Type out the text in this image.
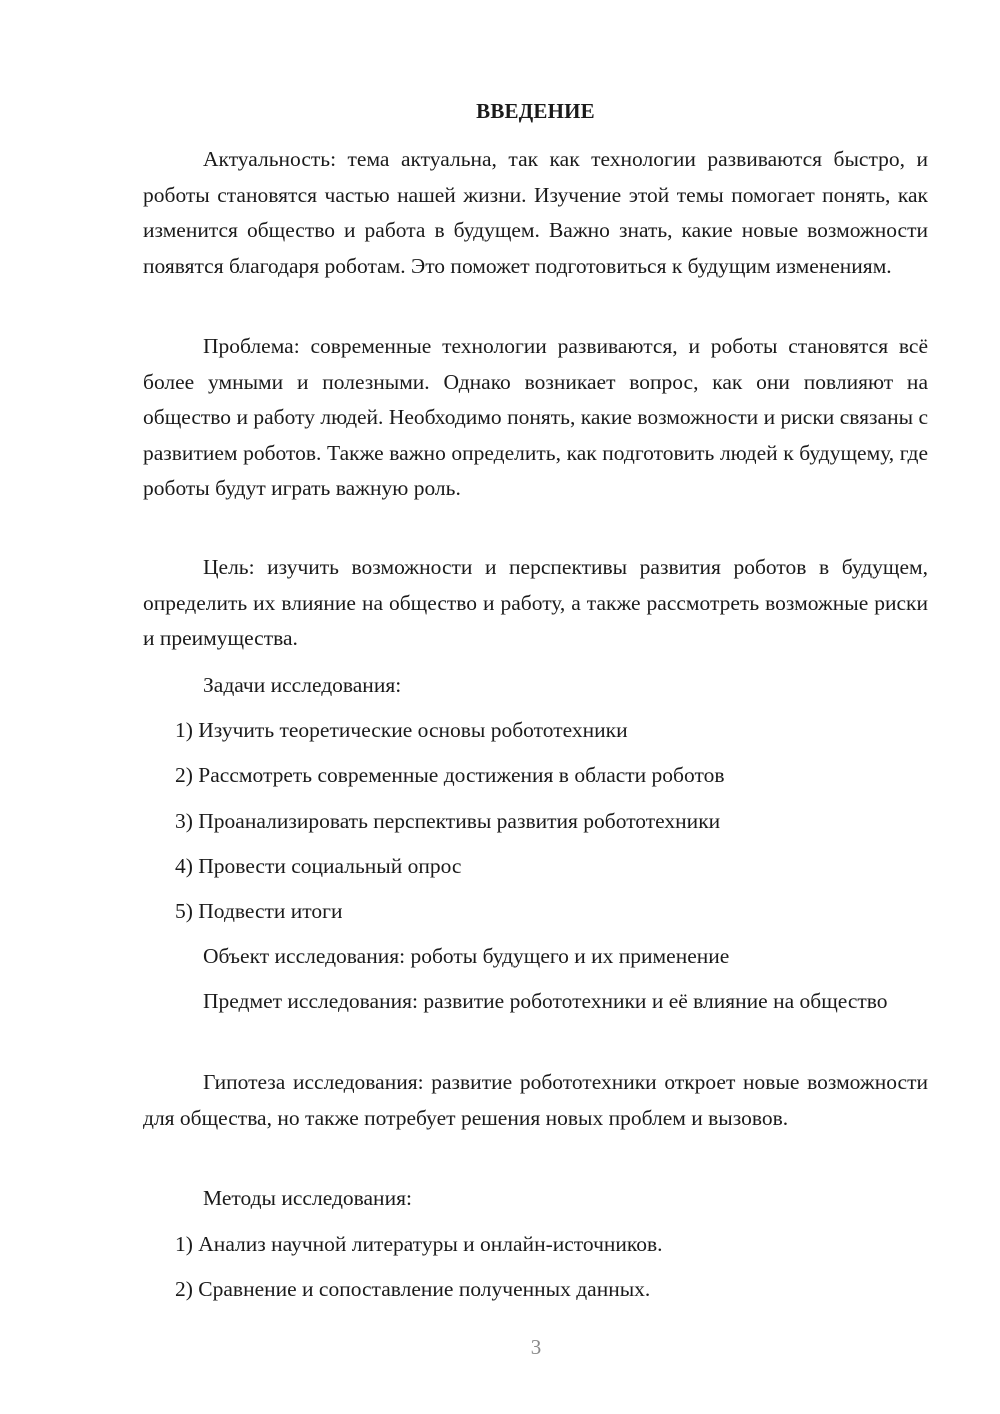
ВВЕДЕНИЕ

Актуальность: тема актуальна, так как технологии развиваются быстро, и роботы становятся частью нашей жизни. Изучение этой темы помогает понять, как изменится общество и работа в будущем. Важно знать, какие новые возможности появятся благодаря роботам. Это поможет подготовиться к будущим изменениям.

Проблема: современные технологии развиваются, и роботы становятся всё более умными и полезными. Однако возникает вопрос, как они повлияют на общество и работу людей. Необходимо понять, какие возможности и риски связаны с развитием роботов. Также важно определить, как подготовить людей к будущему, где роботы будут играть важную роль.

Цель: изучить возможности и перспективы развития роботов в будущем, определить их влияние на общество и работу, а также рассмотреть возможные риски и преимущества.

Задачи исследования:

1) Изучить теоретические основы робототехники

2) Рассмотреть современные достижения в области роботов

3) Проанализировать перспективы развития робототехники

4) Провести социальный опрос

5) Подвести итоги

Объект исследования: роботы будущего и их применение

Предмет исследования: развитие робототехники и её влияние на общество

Гипотеза исследования: развитие робототехники откроет новые возможности для общества, но также потребует решения новых проблем и вызовов.

Методы исследования:

1) Анализ научной литературы и онлайн-источников.

2) Сравнение и сопоставление полученных данных.

3
